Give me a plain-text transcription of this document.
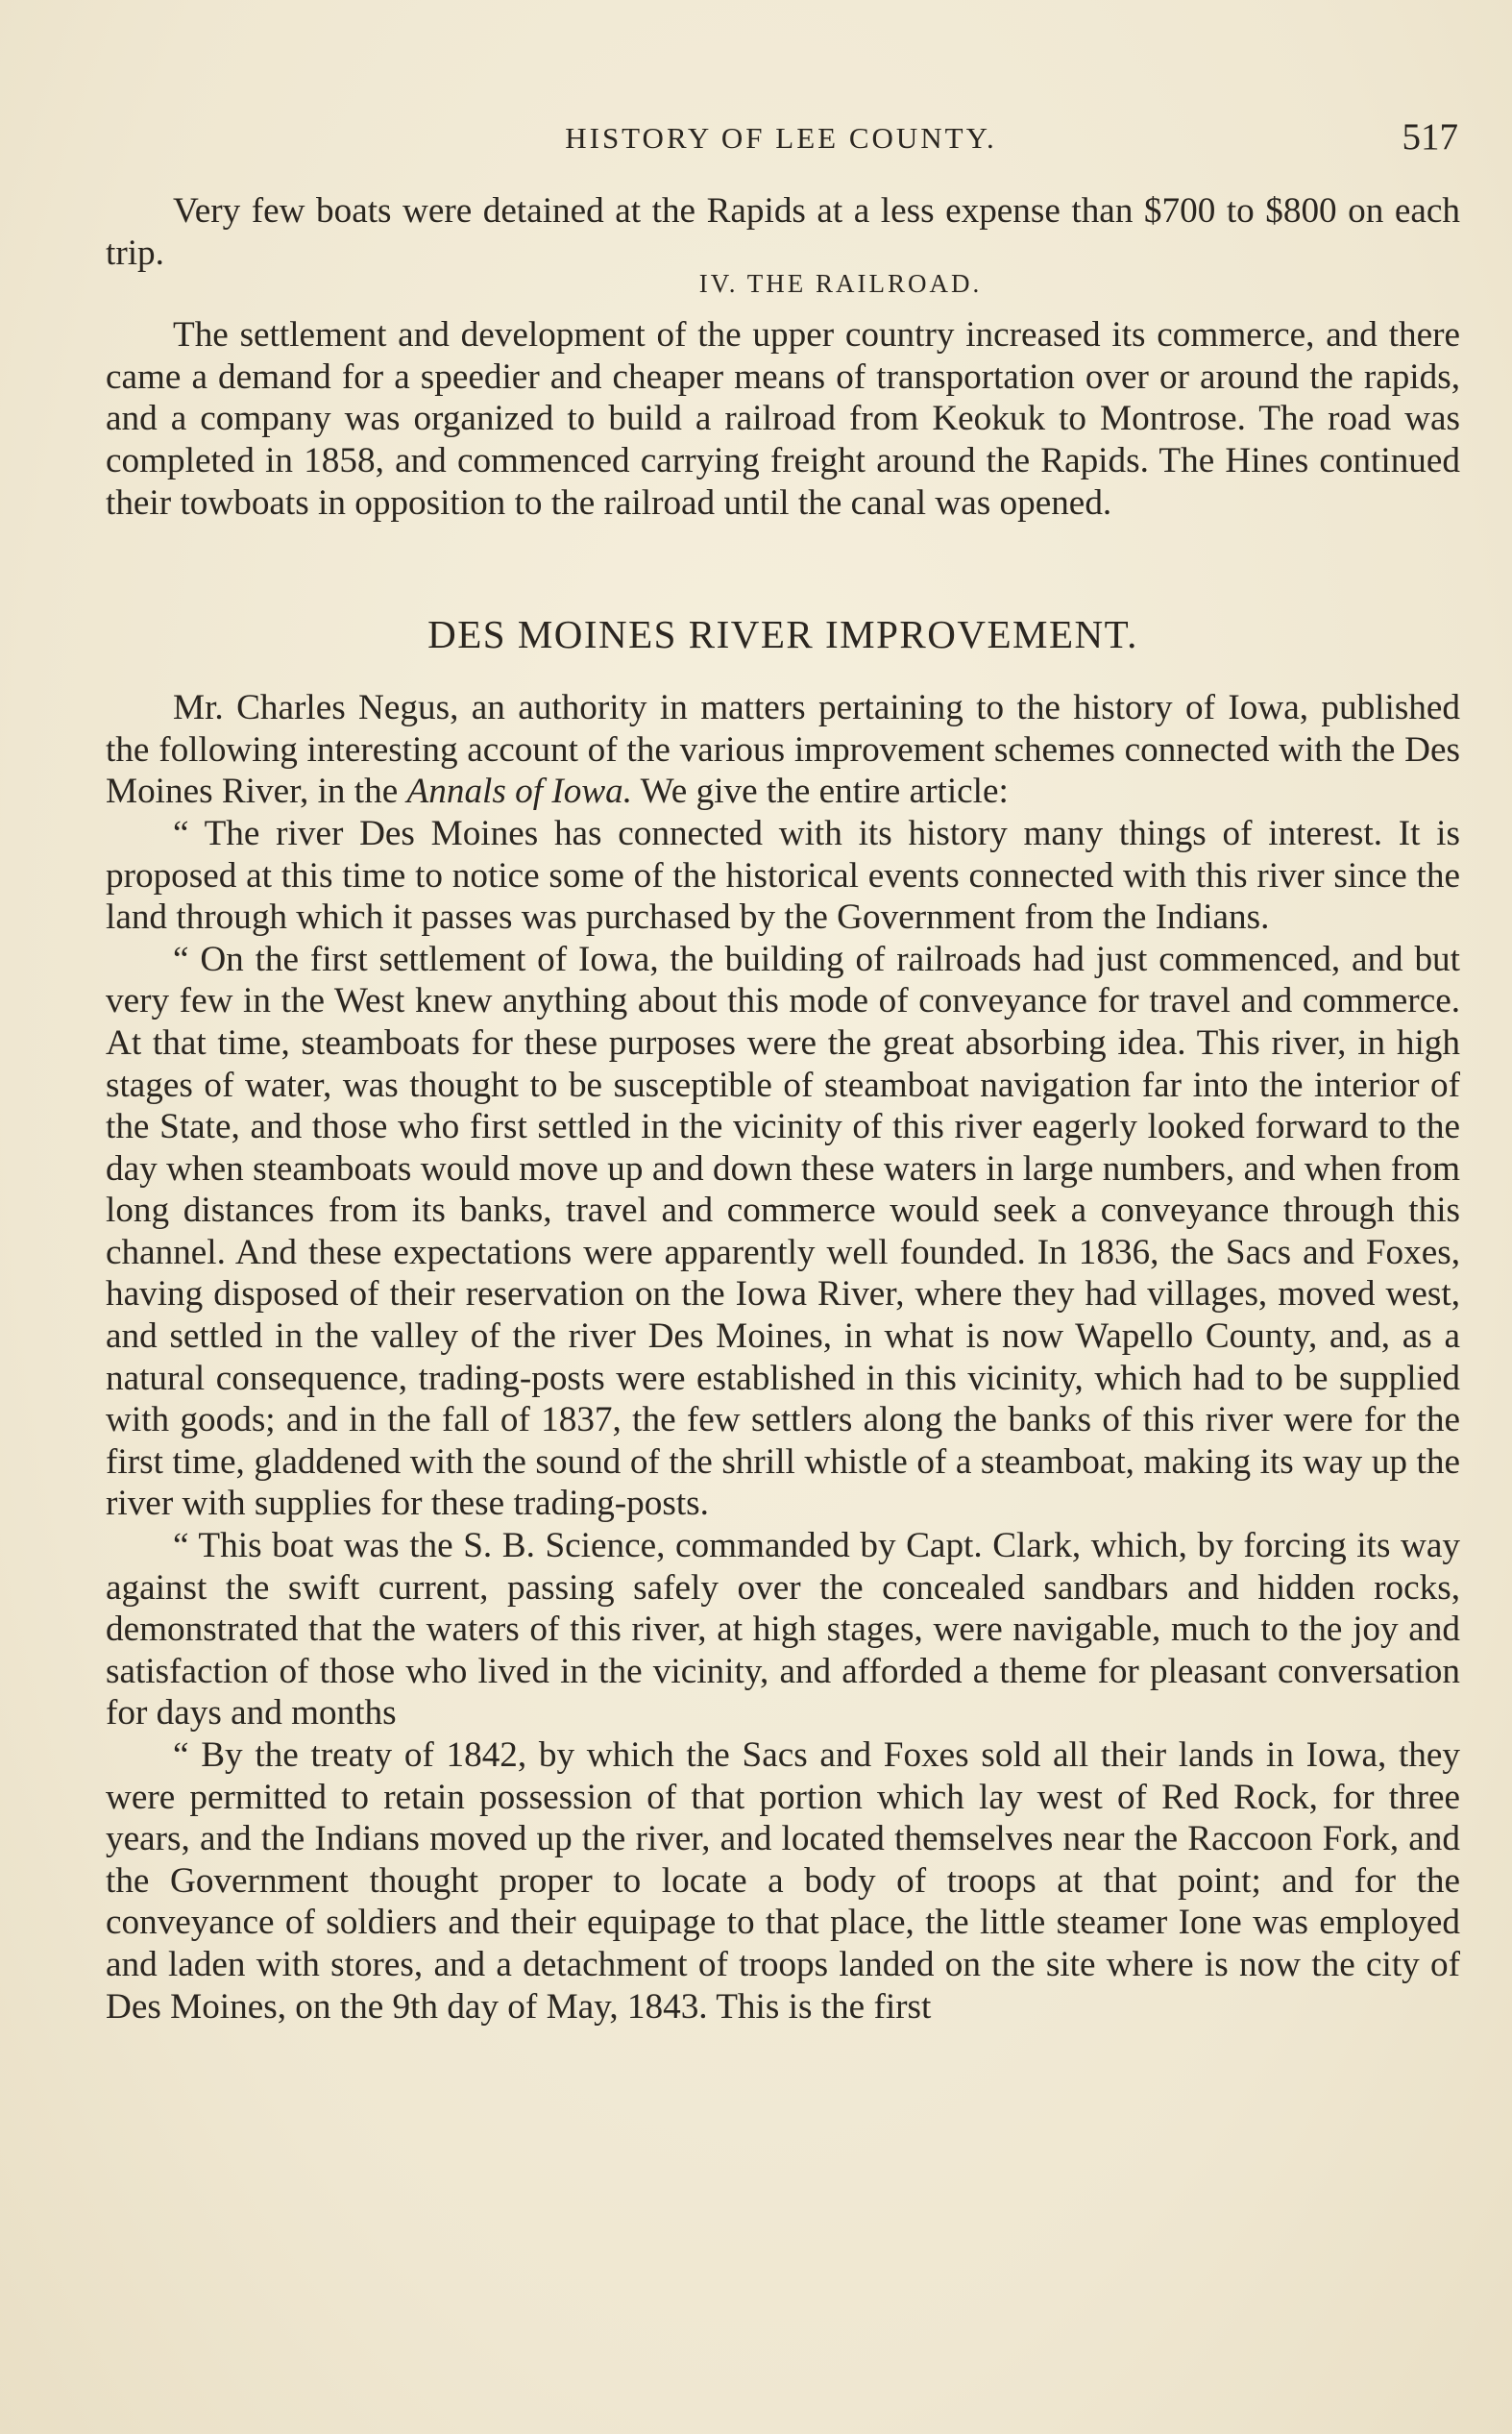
HISTORY OF LEE COUNTY.	517

Very few boats were detained at the Rapids at a less expense than $700 to $800 on each trip.

IV. THE RAILROAD.

The settlement and development of the upper country increased its commerce, and there came a demand for a speedier and cheaper means of transportation over or around the rapids, and a company was organized to build a railroad from Keokuk to Montrose. The road was completed in 1858, and commenced carrying freight around the Rapids. The Hines continued their towboats in opposition to the railroad until the canal was opened.

DES MOINES RIVER IMPROVEMENT.

Mr. Charles Negus, an authority in matters pertaining to the history of Iowa, published the following interesting account of the various improvement schemes connected with the Des Moines River, in the Annals of Iowa. We give the entire article:

“ The river Des Moines has connected with its history many things of interest. It is proposed at this time to notice some of the historical events connected with this river since the land through which it passes was purchased by the Government from the Indians.

“ On the first settlement of Iowa, the building of railroads had just commenced, and but very few in the West knew anything about this mode of conveyance for travel and commerce. At that time, steamboats for these purposes were the great absorbing idea. This river, in high stages of water, was thought to be susceptible of steamboat navigation far into the interior of the State, and those who first settled in the vicinity of this river eagerly looked forward to the day when steamboats would move up and down these waters in large numbers, and when from long distances from its banks, travel and commerce would seek a conveyance through this channel. And these expectations were apparently well founded. In 1836, the Sacs and Foxes, having disposed of their reservation on the Iowa River, where they had villages, moved west, and settled in the valley of the river Des Moines, in what is now Wapello County, and, as a natural consequence, trading-posts were established in this vicinity, which had to be supplied with goods; and in the fall of 1837, the few settlers along the banks of this river were for the first time, gladdened with the sound of the shrill whistle of a steamboat, making its way up the river with supplies for these trading-posts.

“ This boat was the S. B. Science, commanded by Capt. Clark, which, by forcing its way against the swift current, passing safely over the concealed sandbars and hidden rocks, demonstrated that the waters of this river, at high stages, were navigable, much to the joy and satisfaction of those who lived in the vicinity, and afforded a theme for pleasant conversation for days and months

“ By the treaty of 1842, by which the Sacs and Foxes sold all their lands in Iowa, they were permitted to retain possession of that portion which lay west of Red Rock, for three years, and the Indians moved up the river, and located themselves near the Raccoon Fork, and the Government thought proper to locate a body of troops at that point; and for the conveyance of soldiers and their equipage to that place, the little steamer Ione was employed and laden with stores, and a detachment of troops landed on the site where is now the city of Des Moines, on the 9th day of May, 1843. This is the first
